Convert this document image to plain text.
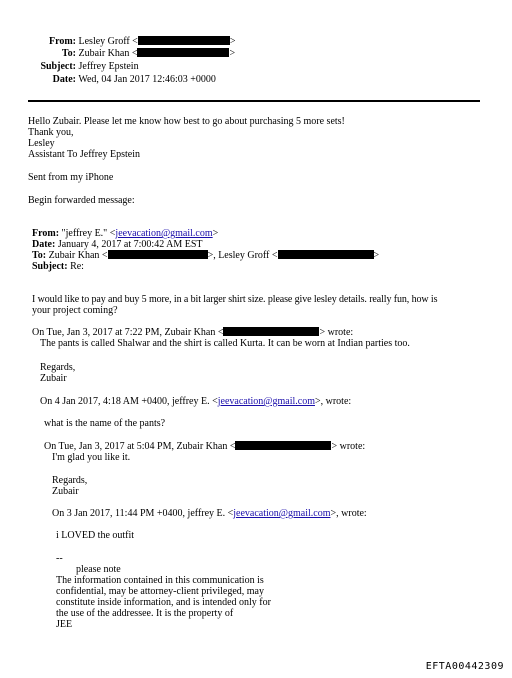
From: Lesley Groff <	>
To: Zubair Khan <	>
Subject: Jeffrey Epstein
Date: Wed, 04 Jan 2017 12:46:03 +0000
Hello Zubair. Please let me know how best to go about purchasing 5 more sets!
Thank you,
Lesley
Assistant To Jeffrey Epstein
Sent from my iPhone
Begin forwarded message:
From: "jeffrey E." <jeevacation@gmail.com>
Date: January 4, 2017 at 7:00:42 AM EST
To: Zubair Khan <	>, Lesley Groff <	>
Subject: Re:
I would like to pay and buy 5 more, in a bit larger shirt size. please give lesley details. really fun, how is
your project coming?
On Tue, Jan 3, 2017 at 7:22 PM, Zubair Khan <	> wrote:
The pants is called Shalwar and the shirt is called Kurta. It can be worn at Indian parties too.
Regards,
Zubair
On 4 Jan 2017, 4:18 AM +0400, jeffrey E. <jeevacation@gmail.com>, wrote:
what is the name of the pants?
On Tue, Jan 3, 2017 at 5:04 PM, Zubair Khan <	> wrote:
I'm glad you like it.
Regards,
Zubair
On 3 Jan 2017, 11:44 PM +0400, jeffrey E. <jeevacation@gmail.com>, wrote:
i LOVED the outfit
--
please note
The information contained in this communication is
confidential, may be attorney-client privileged, may
constitute inside information, and is intended only for
the use of the addressee. It is the property of
JEE
EFTA00442309
